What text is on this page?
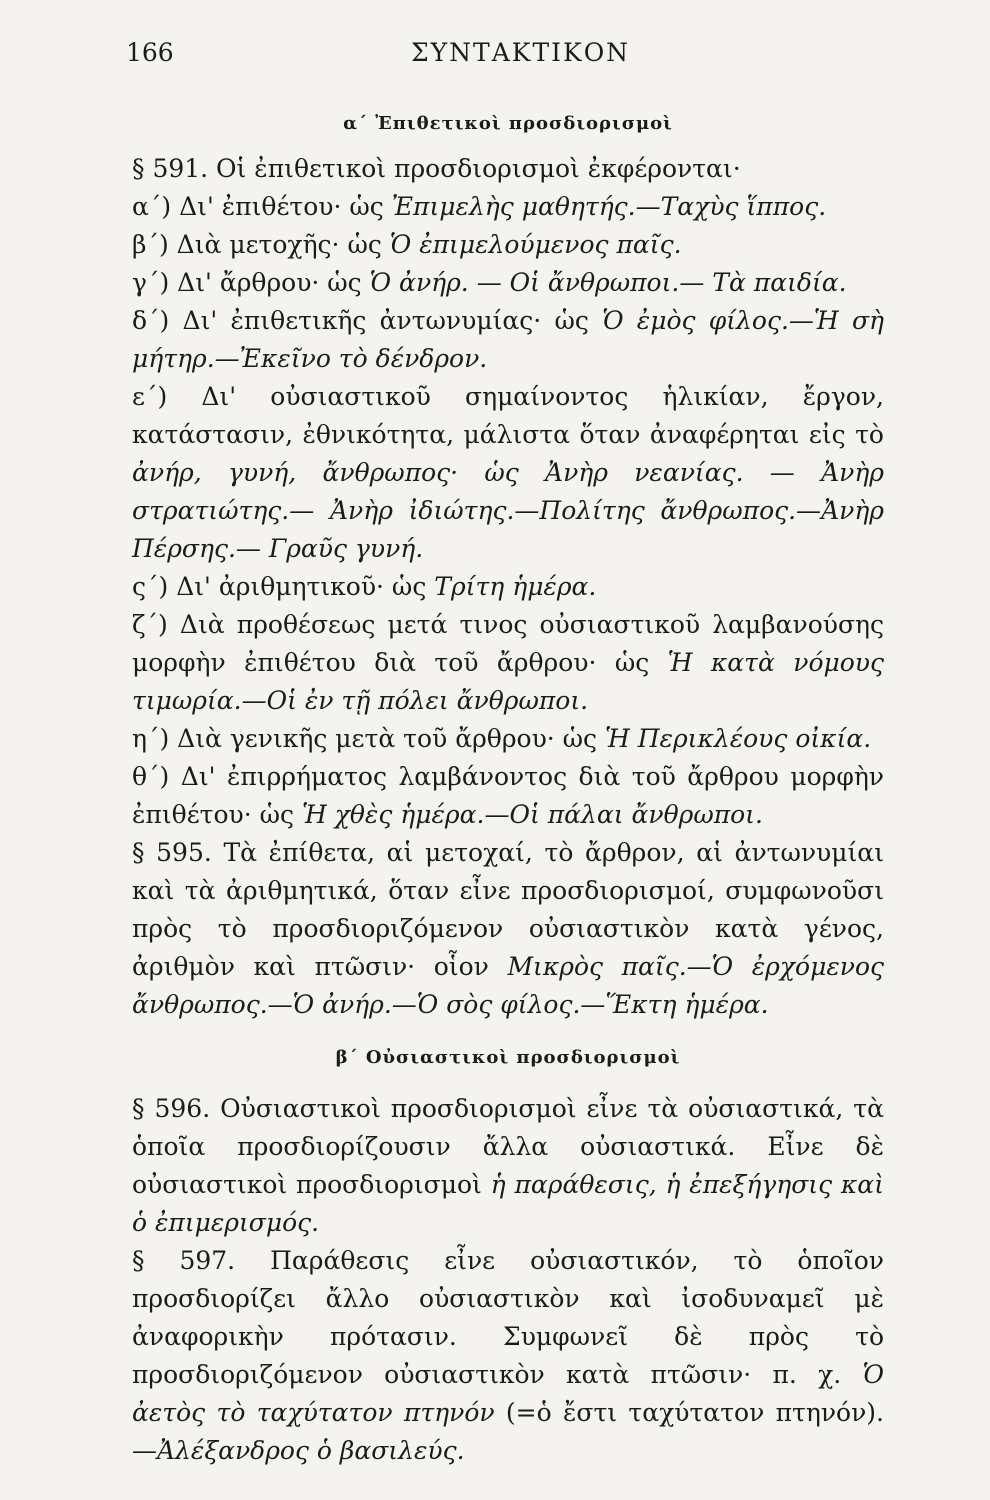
166	ΣΥΝΤΑΚΤΙΚΟΝ
α΄ Ἐπιθετικοὶ προσδιορισμοὶ

§ 591. Οἱ ἐπιθετικοὶ προσδιορισμοὶ ἐκφέρονται·

α΄) Δι' ἐπιθέτου· ὡς Ἐπιμελὴς μαθητής.—Ταχὺς ἵππος.

β΄) Διὰ μετοχῆς· ὡς Ὁ ἐπιμελούμενος παῖς.

γ΄) Δι' ἄρθρου· ὡς Ὁ ἀνήρ. — Οἱ ἄνθρωποι.— Τὰ παιδία.

δ΄) Δι' ἐπιθετικῆς ἀντωνυμίας· ὡς Ὁ ἐμὸς φίλος.—Ἡ σὴ μήτηρ.—Ἐκεῖνο τὸ δένδρον.

ε΄) Δι' οὐσιαστικοῦ σημαίνοντος ἡλικίαν, ἔργον, κατάστασιν, ἐθνικότητα, μάλιστα ὅταν ἀναφέρηται εἰς τὸ ἀνήρ, γυνή, ἄνθρωπος· ὡς Ἀνὴρ νεανίας. — Ἀνὴρ στρατιώτης.— Ἀνὴρ ἰδιώτης.—Πολίτης ἄνθρωπος.—Ἀνὴρ Πέρσης.— Γραῦς γυνή.

ς΄) Δι' ἀριθμητικοῦ· ὡς Τρίτη ἡμέρα.

ζ΄) Διὰ προθέσεως μετά τινος οὐσιαστικοῦ λαμβανούσης μορφὴν ἐπιθέτου διὰ τοῦ ἄρθρου· ὡς Ἡ κατὰ νόμους τιμωρία.—Οἱ ἐν τῇ πόλει ἄνθρωποι.

η΄) Διὰ γενικῆς μετὰ τοῦ ἄρθρου· ὡς Ἡ Περικλέους οἰκία.

θ΄) Δι' ἐπιρρήματος λαμβάνοντος διὰ τοῦ ἄρθρου μορφὴν ἐπιθέτου· ὡς Ἡ χθὲς ἡμέρα.—Οἱ πάλαι ἄνθρωποι.

§ 595. Τὰ ἐπίθετα, αἱ μετοχαί, τὸ ἄρθρον, αἱ ἀντωνυμίαι καὶ τὰ ἀριθμητικά, ὅταν εἶνε προσδιορισμοί, συμφωνοῦσι πρὸς τὸ προσδιοριζόμενον οὐσιαστικὸν κατὰ γένος, ἀριθμὸν καὶ πτῶσιν· οἷον Μικρὸς παῖς.—Ὁ ἐρχόμενος ἄνθρωπος.—Ὁ ἀνήρ.—Ὁ σὸς φίλος.—Ἕκτη ἡμέρα.

β΄ Οὐσιαστικοὶ προσδιορισμοὶ

§ 596. Οὐσιαστικοὶ προσδιορισμοὶ εἶνε τὰ οὐσιαστικά, τὰ ὁποῖα προσδιορίζουσιν ἄλλα οὐσιαστικά. Εἶνε δὲ οὐσιαστικοὶ προσδιορισμοὶ ἡ παράθεσις, ἡ ἐπεξήγησις καὶ ὁ ἐπιμερισμός.

§ 597. Παράθεσις εἶνε οὐσιαστικόν, τὸ ὁποῖον προσδιορίζει ἄλλο οὐσιαστικὸν καὶ ἰσοδυναμεῖ μὲ ἀναφορικὴν πρότασιν. Συμφωνεῖ δὲ πρὸς τὸ προσδιοριζόμενον οὐσιαστικὸν κατὰ πτῶσιν· π. χ. Ὁ ἀετὸς τὸ ταχύτατον πτηνόν (=ὁ ἔστι ταχύτατον πτηνόν).—Ἀλέξανδρος ὁ βασιλεύς.
